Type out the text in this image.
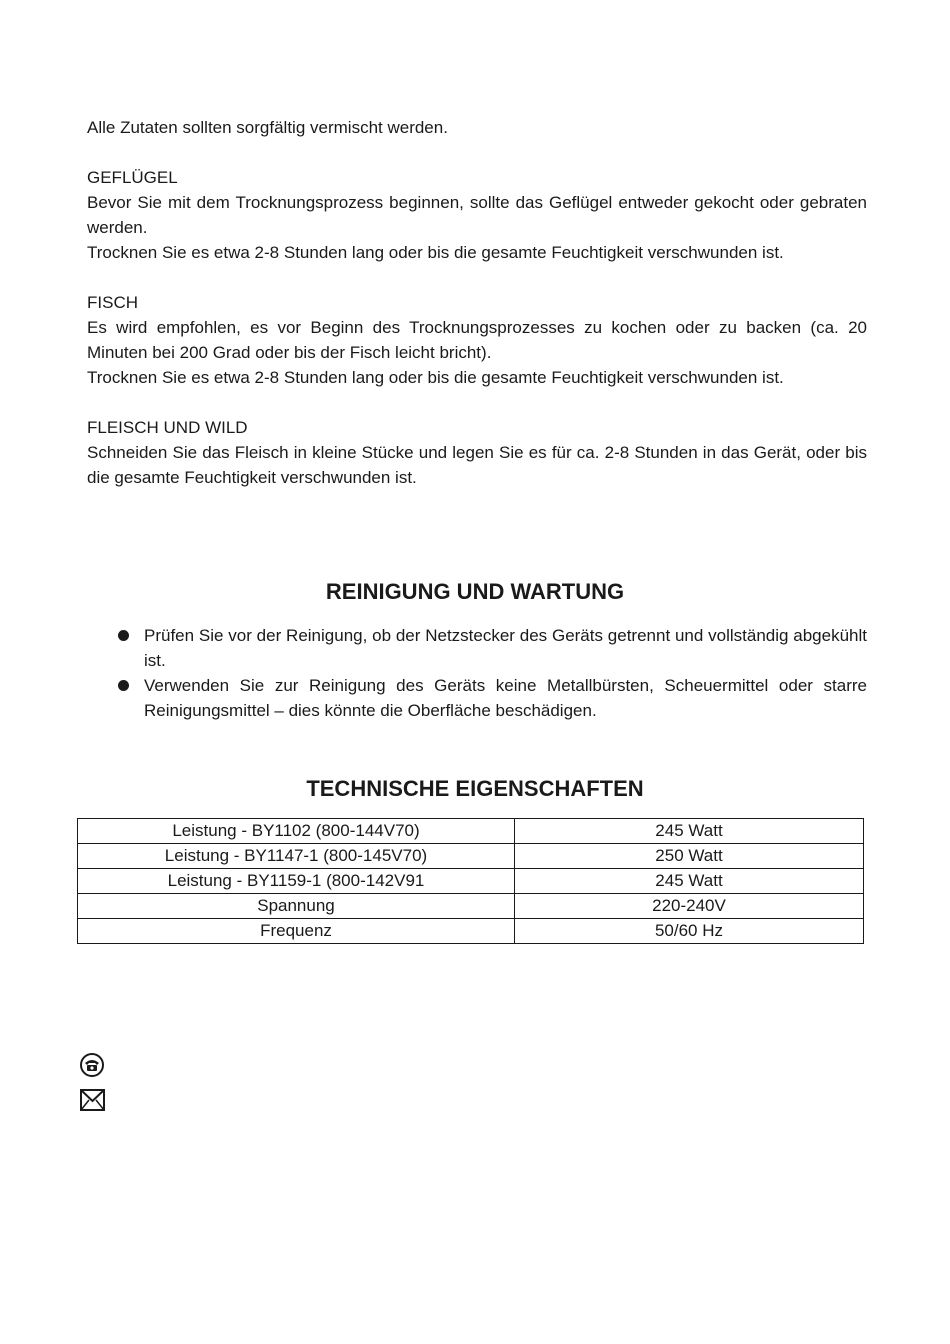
Alle Zutaten sollten sorgfältig vermischt werden.

GEFLÜGEL

Bevor Sie mit dem Trocknungsprozess beginnen, sollte das Geflügel entweder gekocht oder gebraten werden.

Trocknen Sie es etwa 2-8 Stunden lang oder bis die gesamte Feuchtigkeit verschwunden ist.

FISCH

Es wird empfohlen, es vor Beginn des Trocknungsprozesses zu kochen oder zu backen (ca. 20 Minuten bei 200 Grad oder bis der Fisch leicht bricht).

Trocknen Sie es etwa 2-8 Stunden lang oder bis die gesamte Feuchtigkeit verschwunden ist.

FLEISCH UND WILD

Schneiden Sie das Fleisch in kleine Stücke und legen Sie es für ca. 2-8 Stunden in das Gerät, oder bis die gesamte Feuchtigkeit verschwunden ist.

REINIGUNG UND WARTUNG
Prüfen Sie vor der Reinigung, ob der Netzstecker des Geräts getrennt und vollständig abgekühlt ist.
Verwenden Sie zur Reinigung des Geräts keine Metallbürsten, Scheuermittel oder starre Reinigungsmittel – dies könnte die Oberfläche beschädigen.
TECHNISCHE EIGENSCHAFTEN
Leistung - BY1102 (800-144V70)	245 Watt
Leistung - BY1147-1 (800-145V70)	250 Watt
Leistung - BY1159-1 (800-142V91	245 Watt
Spannung	220-240V
Frequenz	50/60 Hz
